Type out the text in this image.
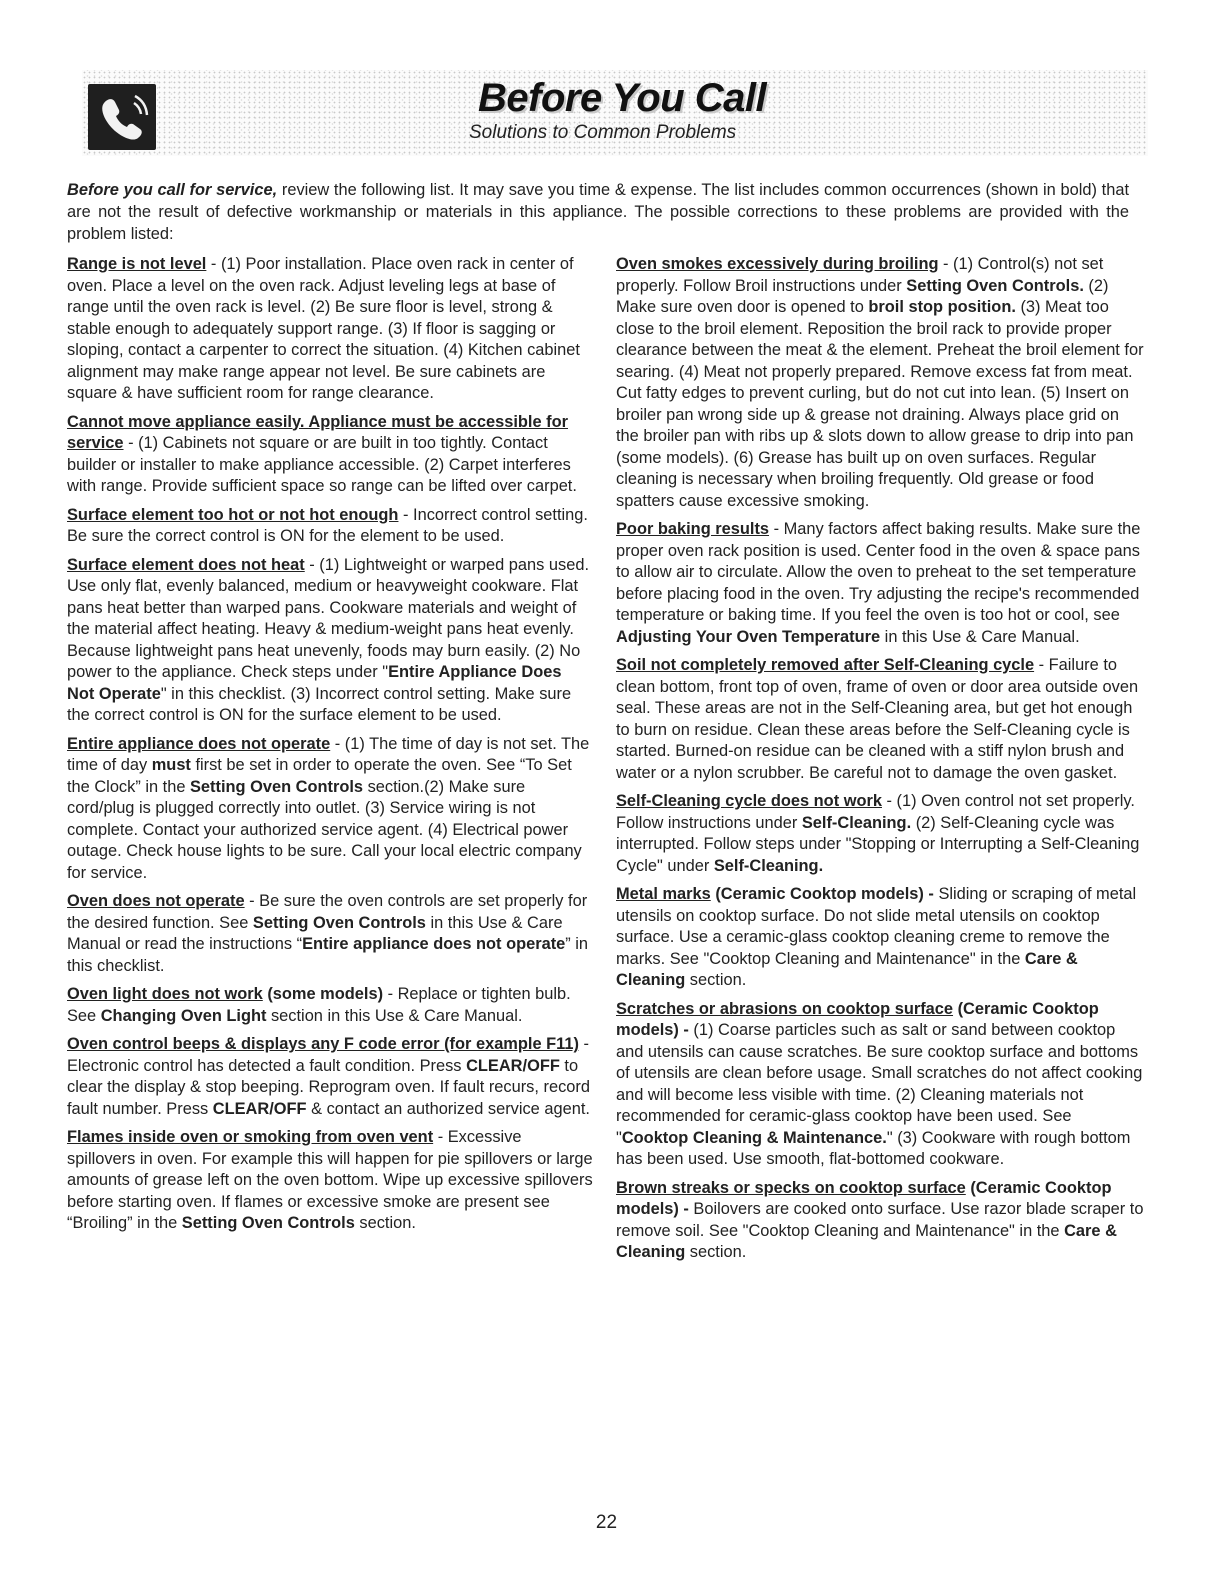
Before You Call
Solutions to Common Problems
Before you call for service, review the following list. It may save you time & expense. The list includes common occurrences (shown in bold) that are not the result of defective workmanship or materials in this appliance. The possible corrections to these problems are provided with the problem listed:

Range is not level - (1) Poor installation. Place oven rack in center of oven. Place a level on the oven rack. Adjust leveling legs at base of range until the oven rack is level. (2) Be sure floor is level, strong & stable enough to adequately support range. (3) If floor is sagging or sloping, contact a carpenter to correct the situation. (4) Kitchen cabinet alignment may make range appear not level. Be sure cabinets are square & have sufficient room for range clearance.

Cannot move appliance easily. Appliance must be accessible for service - (1) Cabinets not square or are built in too tightly. Contact builder or installer to make appliance accessible. (2) Carpet interferes with range. Provide sufficient space so range can be lifted over carpet.

Surface element too hot or not hot enough - Incorrect control setting. Be sure the correct control is ON for the element to be used.

Surface element does not heat - (1) Lightweight or warped pans used. Use only flat, evenly balanced, medium or heavyweight cookware. Flat pans heat better than warped pans. Cookware materials and weight of the material affect heating. Heavy & medium-weight pans heat evenly. Because lightweight pans heat unevenly, foods may burn easily. (2) No power to the appliance. Check steps under "Entire Appliance Does Not Operate" in this checklist. (3) Incorrect control setting. Make sure the correct control is ON for the surface element to be used.

Entire appliance does not operate - (1) The time of day is not set. The time of day must first be set in order to operate the oven. See “To Set the Clock” in the Setting Oven Controls section.(2) Make sure cord/plug is plugged correctly into outlet. (3) Service wiring is not complete. Contact your authorized service agent. (4) Electrical power outage. Check house lights to be sure. Call your local electric company for service.

Oven does not operate - Be sure the oven controls are set properly for the desired function. See Setting Oven Controls in this Use & Care Manual or read the instructions “Entire appliance does not operate” in this checklist.

Oven light does not work (some models) - Replace or tighten bulb. See Changing Oven Light section in this Use & Care Manual.

Oven control beeps & displays any F code error (for example F11) - Electronic control has detected a fault condition. Press CLEAR/OFF to clear the display & stop beeping. Reprogram oven. If fault recurs, record fault number. Press CLEAR/OFF & contact an authorized service agent.

Flames inside oven or smoking from oven vent - Excessive spillovers in oven. For example this will happen for pie spillovers or large amounts of grease left on the oven bottom. Wipe up excessive spillovers before starting oven. If flames or excessive smoke are present see “Broiling” in the Setting Oven Controls section.

Oven smokes excessively during broiling - (1) Control(s) not set properly. Follow Broil instructions under Setting Oven Controls. (2) Make sure oven door is opened to broil stop position. (3) Meat too close to the broil element. Reposition the broil rack to provide proper clearance between the meat & the element. Preheat the broil element for searing. (4) Meat not properly prepared. Remove excess fat from meat. Cut fatty edges to prevent curling, but do not cut into lean. (5) Insert on broiler pan wrong side up & grease not draining. Always place grid on the broiler pan with ribs up & slots down to allow grease to drip into pan (some models). (6) Grease has built up on oven surfaces. Regular cleaning is necessary when broiling frequently. Old grease or food spatters cause excessive smoking.

Poor baking results - Many factors affect baking results. Make sure the proper oven rack position is used. Center food in the oven & space pans to allow air to circulate. Allow the oven to preheat to the set temperature before placing food in the oven. Try adjusting the recipe's recommended temperature or baking time. If you feel the oven is too hot or cool, see Adjusting Your Oven Temperature in this Use & Care Manual.

Soil not completely removed after Self-Cleaning cycle - Failure to clean bottom, front top of oven, frame of oven or door area outside oven seal. These areas are not in the Self-Cleaning area, but get hot enough to burn on residue. Clean these areas before the Self-Cleaning cycle is started. Burned-on residue can be cleaned with a stiff nylon brush and water or a nylon scrubber. Be careful not to damage the oven gasket.

Self-Cleaning cycle does not work - (1) Oven control not set properly. Follow instructions under Self-Cleaning. (2) Self-Cleaning cycle was interrupted. Follow steps under "Stopping or Interrupting a Self-Cleaning Cycle" under Self-Cleaning.

Metal marks (Ceramic Cooktop models) - Sliding or scraping of metal utensils on cooktop surface. Do not slide metal utensils on cooktop surface. Use a ceramic-glass cooktop cleaning creme to remove the marks. See "Cooktop Cleaning and Maintenance" in the Care & Cleaning section.

Scratches or abrasions on cooktop surface (Ceramic Cooktop models) - (1) Coarse particles such as salt or sand between cooktop and utensils can cause scratches. Be sure cooktop surface and bottoms of utensils are clean before usage. Small scratches do not affect cooking and will become less visible with time. (2) Cleaning materials not recommended for ceramic-glass cooktop have been used. See "Cooktop Cleaning & Maintenance." (3) Cookware with rough bottom has been used. Use smooth, flat-bottomed cookware.

Brown streaks or specks on cooktop surface (Ceramic Cooktop models) - Boilovers are cooked onto surface. Use razor blade scraper to remove soil. See "Cooktop Cleaning and Maintenance" in the Care & Cleaning section.

22
